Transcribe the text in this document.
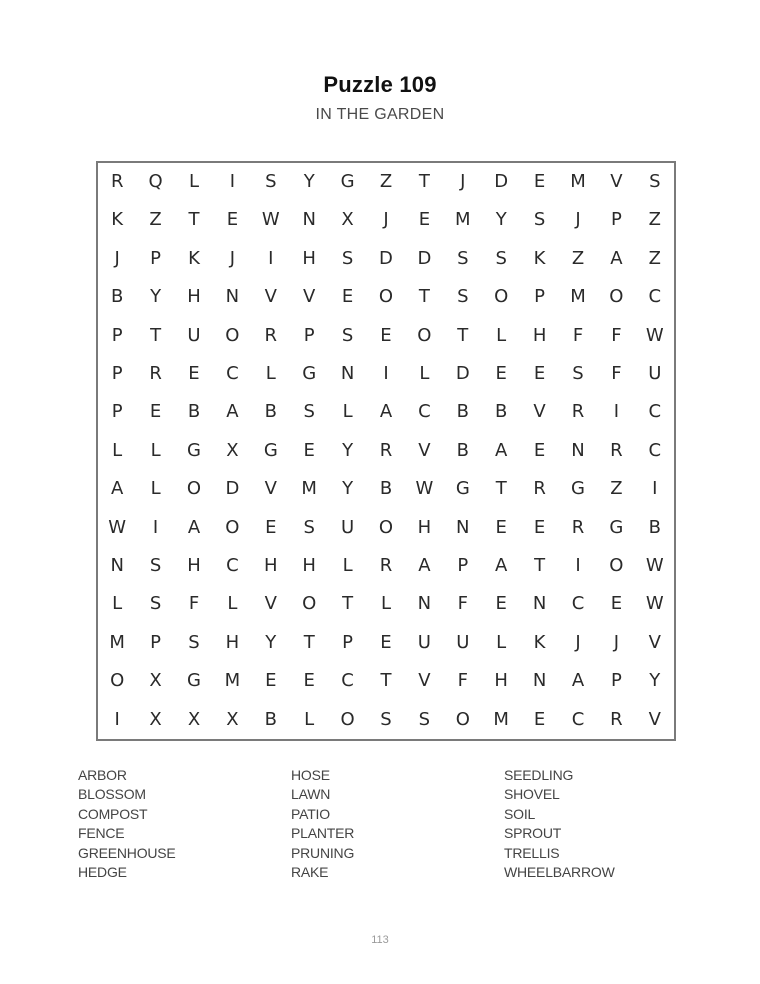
Puzzle 109
IN THE GARDEN
R	Q	L	I	S	Y	G	Z	T	J	D	E	M	V	S
K	Z	T	E	W	N	X	J	E	M	Y	S	J	P	Z
J	P	K	J	I	H	S	D	D	S	S	K	Z	A	Z
B	Y	H	N	V	V	E	O	T	S	O	P	M	O	C
P	T	U	O	R	P	S	E	O	T	L	H	F	F	W
P	R	E	C	L	G	N	I	L	D	E	E	S	F	U
P	E	B	A	B	S	L	A	C	B	B	V	R	I	C
L	L	G	X	G	E	Y	R	V	B	A	E	N	R	C
A	L	O	D	V	M	Y	B	W	G	T	R	G	Z	I
W	I	A	O	E	S	U	O	H	N	E	E	R	G	B
N	S	H	C	H	H	L	R	A	P	A	T	I	O	W
L	S	F	L	V	O	T	L	N	F	E	N	C	E	W
M	P	S	H	Y	T	P	E	U	U	L	K	J	J	V
O	X	G	M	E	E	C	T	V	F	H	N	A	P	Y
I	X	X	X	B	L	O	S	S	O	M	E	C	R	V
ARBOR
BLOSSOM
COMPOST
FENCE
GREENHOUSE
HEDGE
HOSE
LAWN
PATIO
PLANTER
PRUNING
RAKE
SEEDLING
SHOVEL
SOIL
SPROUT
TRELLIS
WHEELBARROW
113
